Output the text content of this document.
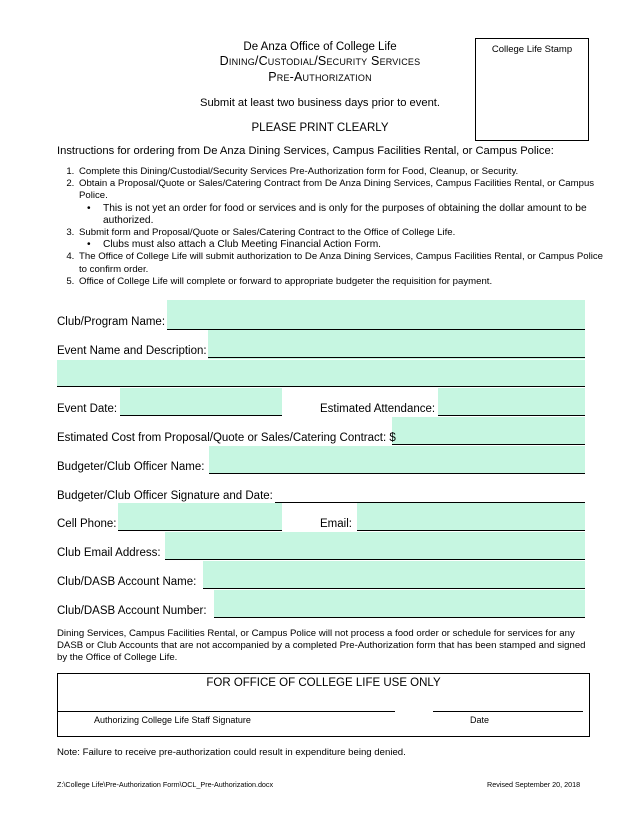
De Anza Office of College Life
Dining/Custodial/Security Services
Pre-Authorization
Submit at least two business days prior to event.
PLEASE PRINT CLEARLY
College Life Stamp
Instructions for ordering from De Anza Dining Services, Campus Facilities Rental, or Campus Police:
1. Complete this Dining/Custodial/Security Services Pre-Authorization form for Food, Cleanup, or Security.
2. Obtain a Proposal/Quote or Sales/Catering Contract from De Anza Dining Services, Campus Facilities Rental, or Campus Police.
• This is not yet an order for food or services and is only for the purposes of obtaining the dollar amount to be authorized.
3. Submit form and Proposal/Quote or Sales/Catering Contract to the Office of College Life.
• Clubs must also attach a Club Meeting Financial Action Form.
4. The Office of College Life will submit authorization to De Anza Dining Services, Campus Facilities Rental, or Campus Police to confirm order.
5. Office of College Life will complete or forward to appropriate budgeter the requisition for payment.
Club/Program Name:
Event Name and Description:
Event Date:	Estimated Attendance:
Estimated Cost from Proposal/Quote or Sales/Catering Contract: $
Budgeter/Club Officer Name:
Budgeter/Club Officer Signature and Date:
Cell Phone:	Email:
Club Email Address:
Club/DASB Account Name:
Club/DASB Account Number:
Dining Services, Campus Facilities Rental, or Campus Police will not process a food order or schedule for services for any DASB or Club Accounts that are not accompanied by a completed Pre-Authorization form that has been stamped and signed by the Office of College Life.
FOR OFFICE OF COLLEGE LIFE USE ONLY
Authorizing College Life Staff Signature	Date
Note: Failure to receive pre-authorization could result in expenditure being denied.
Z:\College Life\Pre-Authorization Form\OCL_Pre-Authorization.docx	Revised September 20, 2018
